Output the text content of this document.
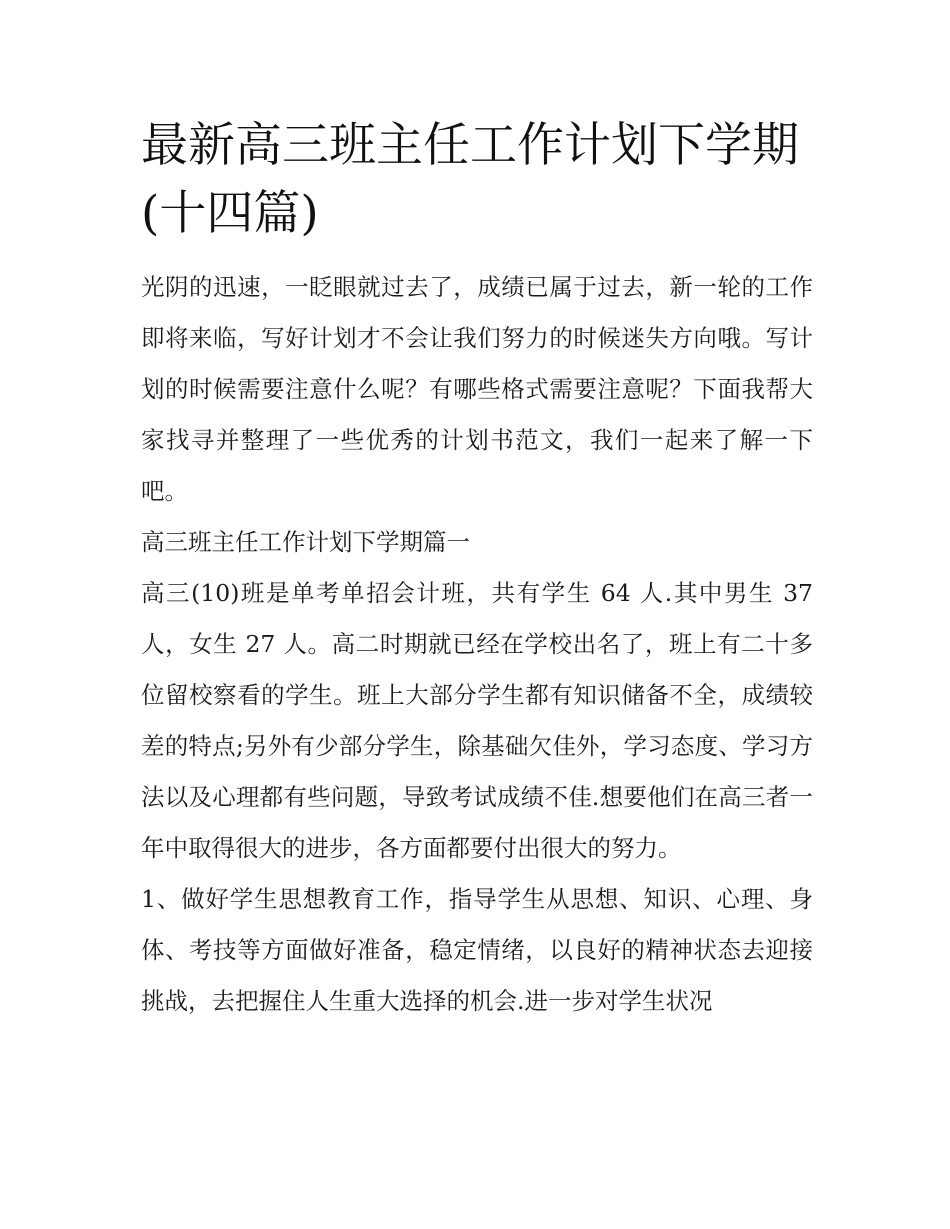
最新高三班主任工作计划下学期(十四篇)

光阴的迅速，一眨眼就过去了，成绩已属于过去，新一轮的工作即将来临，写好计划才不会让我们努力的时候迷失方向哦。写计划的时候需要注意什么呢？有哪些格式需要注意呢？下面我帮大家找寻并整理了一些优秀的计划书范文，我们一起来了解一下吧。

高三班主任工作计划下学期篇一

高三(10)班是单考单招会计班，共有学生 64 人.其中男生 37 人，女生 27 人。高二时期就已经在学校出名了，班上有二十多位留校察看的学生。班上大部分学生都有知识储备不全，成绩较差的特点;另外有少部分学生，除基础欠佳外，学习态度、学习方法以及心理都有些问题，导致考试成绩不佳.想要他们在高三者一年中取得很大的进步，各方面都要付出很大的努力。

1、做好学生思想教育工作，指导学生从思想、知识、心理、身体、考技等方面做好准备，稳定情绪，以良好的精神状态去迎接挑战，去把握住人生重大选择的机会.进一步对学生状况
